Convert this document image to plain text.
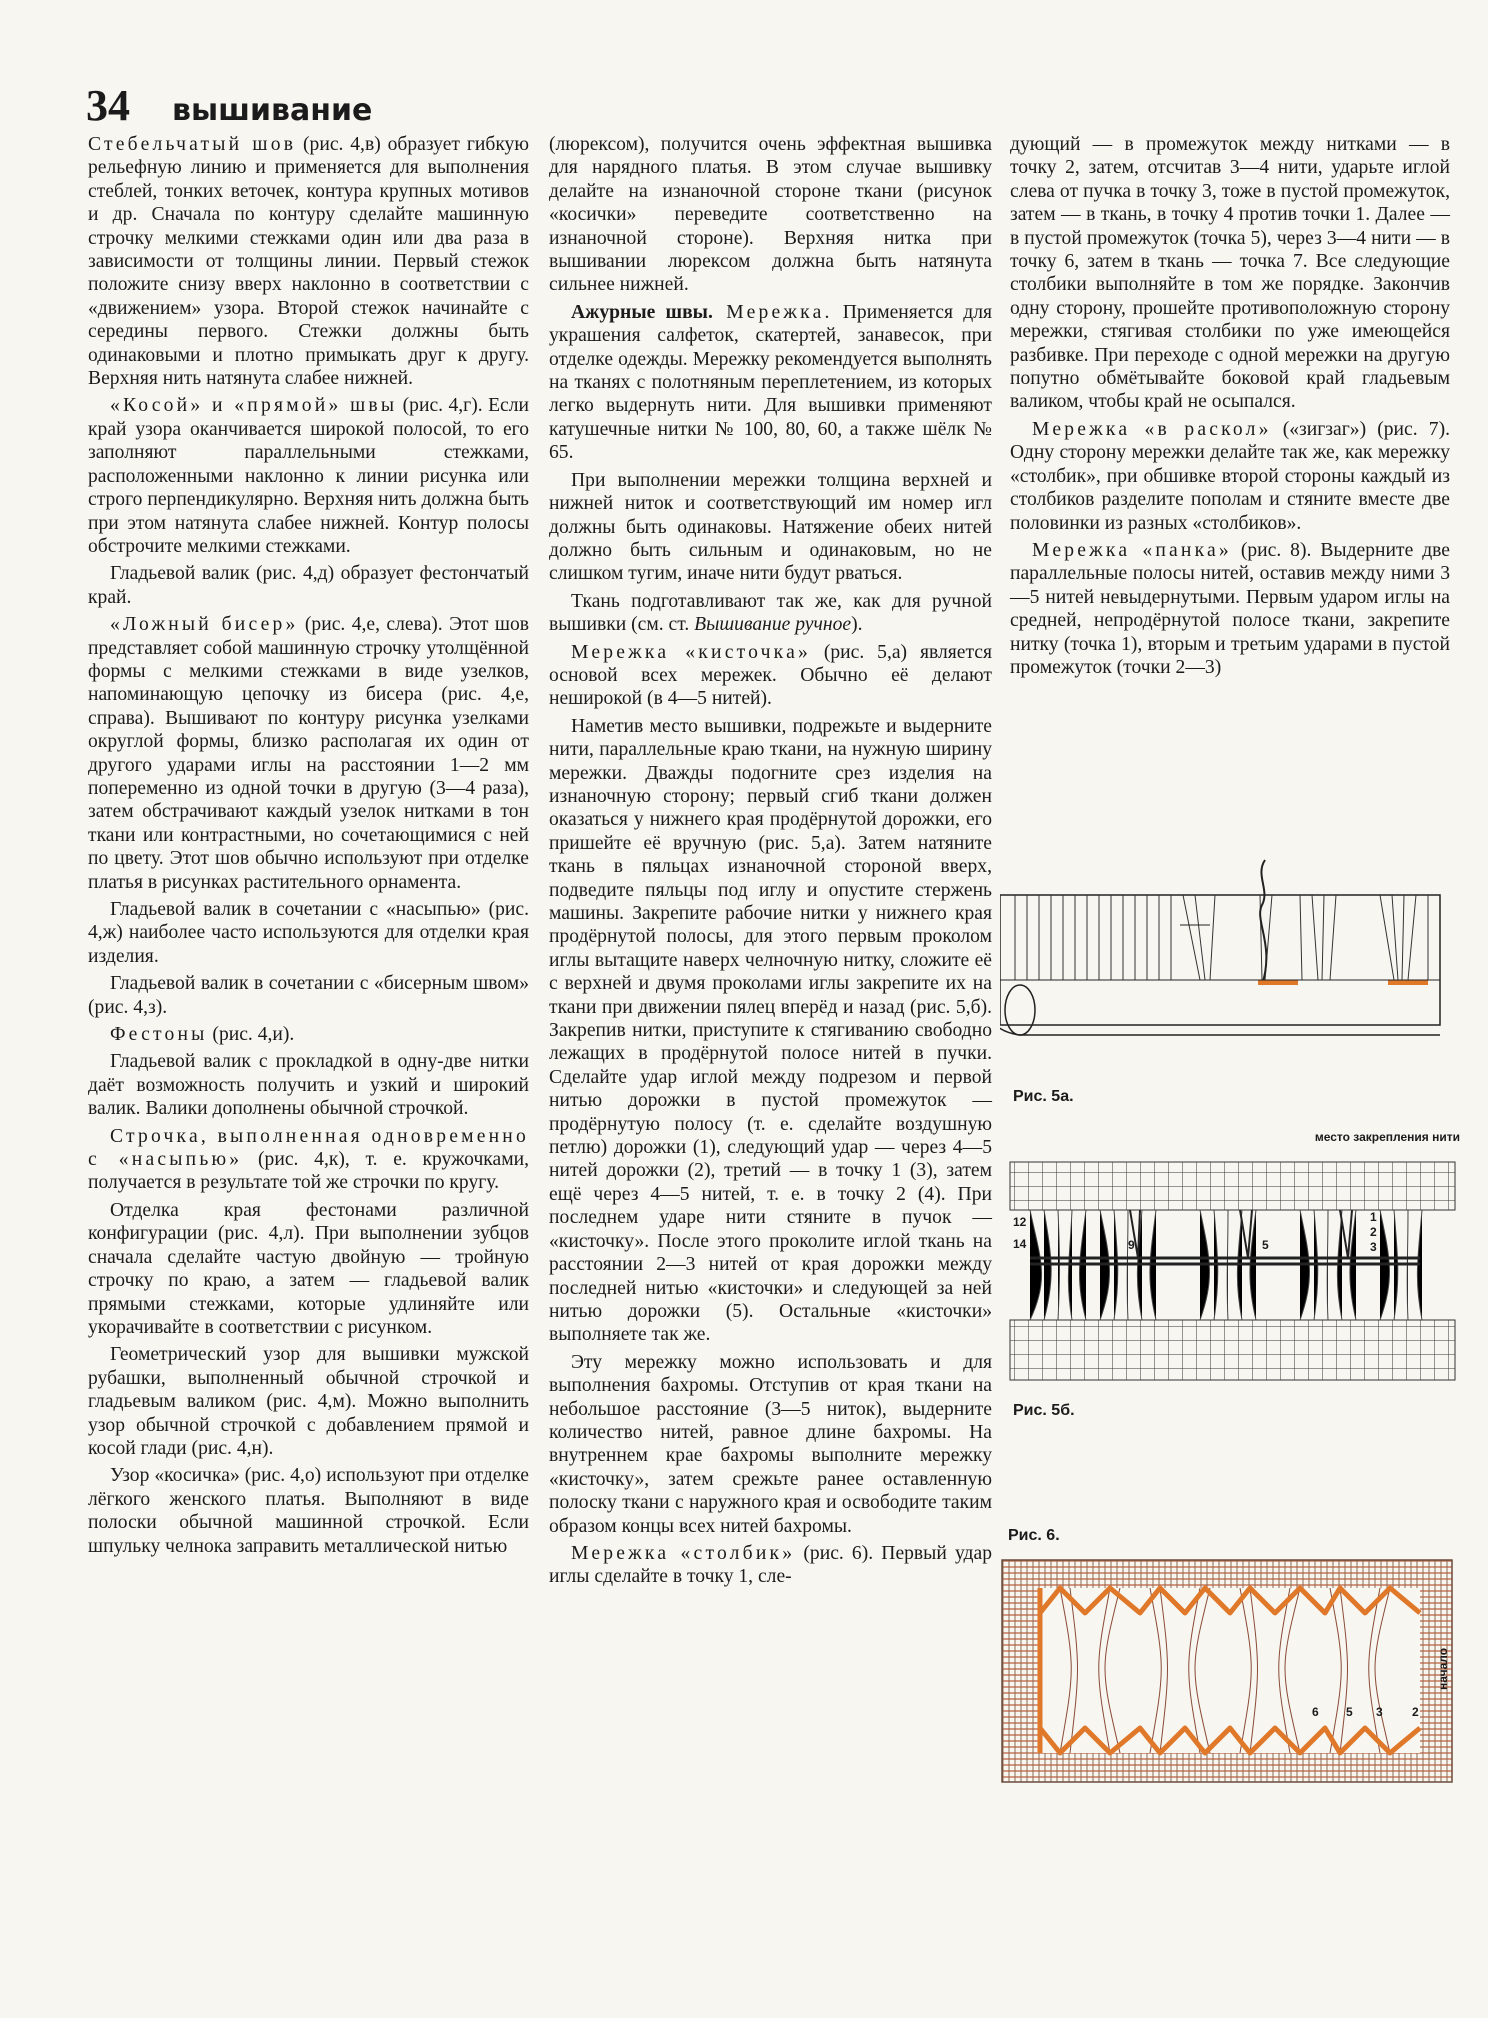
34 вышивание

Стебельчатый шов (рис. 4,в) образует гибкую рельефную линию и применяется для выполнения стеблей, тонких веточек, контура крупных мотивов и др. Сначала по контуру сделайте машинную строчку мелкими стежками один или два раза в зависимости от толщины линии. Первый стежок положите снизу вверх наклонно в соответствии с «движением» узора. Второй стежок начинайте с середины первого. Стежки должны быть одинаковыми и плотно примыкать друг к другу. Верхняя нить натянута слабее нижней.

«Косой» и «прямой» швы (рис. 4,г). Если край узора оканчивается широкой полосой, то его заполняют параллельными стежками, расположенными наклонно к линии рисунка или строго перпендикулярно. Верхняя нить должна быть при этом натянута слабее нижней. Контур полосы обстрочите мелкими стежками.

Гладьевой валик (рис. 4,д) образует фестончатый край.

«Ложный бисер» (рис. 4,е, слева). Этот шов представляет собой машинную строчку утолщённой формы с мелкими стежками в виде узелков, напоминающую цепочку из бисера (рис. 4,е, справа). Вышивают по контуру рисунка узелками округлой формы, близко располагая их один от другого ударами иглы на расстоянии 1—2 мм попеременно из одной точки в другую (3—4 раза), затем обстрачивают каждый узелок нитками в тон ткани или контрастными, но сочетающимися с ней по цвету. Этот шов обычно используют при отделке платья в рисунках растительного орнамента.

Гладьевой валик в сочетании с «насыпью» (рис. 4,ж) наиболее часто используются для отделки края изделия.

Гладьевой валик в сочетании с «бисерным швом» (рис. 4,з).

Фестоны (рис. 4,и).

Гладьевой валик с прокладкой в одну-две нитки даёт возможность получить и узкий и широкий валик. Валики дополнены обычной строчкой.

Строчка, выполненная одновременно с «насыпью» (рис. 4,к), т. е. кружочками, получается в результате той же строчки по кругу.

Отделка края фестонами различной конфигурации (рис. 4,л). При выполнении зубцов сначала сделайте частую двойную — тройную строчку по краю, а затем — гладьевой валик прямыми стежками, которые удлиняйте или укорачивайте в соответствии с рисунком.

Геометрический узор для вышивки мужской рубашки, выполненный обычной строчкой и гладьевым валиком (рис. 4,м). Можно выполнить узор обычной строчкой с добавлением прямой и косой глади (рис. 4,н).

Узор «косичка» (рис. 4,о) используют при отделке лёгкого женского платья. Выполняют в виде полоски обычной машинной строчкой. Если шпульку челнока заправить металлической нитью

(люрексом), получится очень эффектная вышивка для нарядного платья. В этом случае вышивку делайте на изнаночной стороне ткани (рисунок «косички» переведите соответственно на изнаночной стороне). Верхняя нитка при вышивании люрексом должна быть натянута сильнее нижней.

Ажурные швы. Мережка. Применяется для украшения салфеток, скатертей, занавесок, при отделке одежды. Мережку рекомендуется выполнять на тканях с полотняным переплетением, из которых легко выдернуть нити. Для вышивки применяют катушечные нитки № 100, 80, 60, а также шёлк № 65.

При выполнении мережки толщина верхней и нижней ниток и соответствующий им номер игл должны быть одинаковы. Натяжение обеих нитей должно быть сильным и одинаковым, но не слишком тугим, иначе нити будут рваться.

Ткань подготавливают так же, как для ручной вышивки (см. ст. Вышивание ручное).

Мережка «кисточка» (рис. 5,а) является основой всех мережек. Обычно её делают неширокой (в 4—5 нитей).

Наметив место вышивки, подрежьте и выдерните нити, параллельные краю ткани, на нужную ширину мережки. Дважды подогните срез изделия на изнаночную сторону; первый сгиб ткани должен оказаться у нижнего края продёрнутой дорожки, его пришейте её вручную (рис. 5,а). Затем натяните ткань в пяльцах изнаночной стороной вверх, подведите пяльцы под иглу и опустите стержень машины. Закрепите рабочие нитки у нижнего края продёрнутой полосы, для этого первым проколом иглы вытащите наверх челночную нитку, сложите её с верхней и двумя проколами иглы закрепите их на ткани при движении пялец вперёд и назад (рис. 5,б). Закрепив нитки, приступите к стягиванию свободно лежащих в продёрнутой полосе нитей в пучки. Сделайте удар иглой между подрезом и первой нитью дорожки в пустой промежуток — продёрнутую полосу (т. е. сделайте воздушную петлю) дорожки (1), следующий удар — через 4—5 нитей дорожки (2), третий — в точку 1 (3), затем ещё через 4—5 нитей, т. е. в точку 2 (4). При последнем ударе нити стяните в пучок — «кисточку». После этого проколите иглой ткань на расстоянии 2—3 нитей от края дорожки между последней нитью «кисточки» и следующей за ней нитью дорожки (5). Остальные «кисточки» выполняете так же.

Эту мережку можно использовать и для выполнения бахромы. Отступив от края ткани на небольшое расстояние (3—5 ниток), выдерните количество нитей, равное длине бахромы. На внутреннем крае бахромы выполните мережку «кисточку», затем срежьте ранее оставленную полоску ткани с наружного края и освободите таким образом концы всех нитей бахромы.

Мережка «столбик» (рис. 6). Первый удар иглы сделайте в точку 1, сле-

дующий — в промежуток между нитками — в точку 2, затем, отсчитав 3—4 нити, ударьте иглой слева от пучка в точку 3, тоже в пустой промежуток, затем — в ткань, в точку 4 против точки 1. Далее — в пустой промежуток (точка 5), через 3—4 нити — в точку 6, затем в ткань — точка 7. Все следующие столбики выполняйте в том же порядке. Закончив одну сторону, прошейте противоположную сторону мережки, стягивая столбики по уже имеющейся разбивке. При переходе с одной мережки на другую попутно обмётывайте боковой край гладьевым валиком, чтобы край не осыпался.

Мережка «в раскол» («зигзаг») (рис. 7). Одну сторону мережки делайте так же, как мережку «столбик», при обшивке второй стороны каждый из столбиков разделите пополам и стяните вместе две половинки из разных «столбиков».

Мережка «панка» (рис. 8). Выдерните две параллельные полосы нитей, оставив между ними 3—5 нитей невыдернутыми. Первым ударом иглы на средней, непродёрнутой полосе ткани, закрепите нитку (точка 1), вторым и третьим ударами в пустой промежуток (точки 2—3)

Рис. 5а.
место закрепления нити
12
14	9	5
1
2
3
Рис. 5б.
Рис. 6.
начало
6 5 3 2
